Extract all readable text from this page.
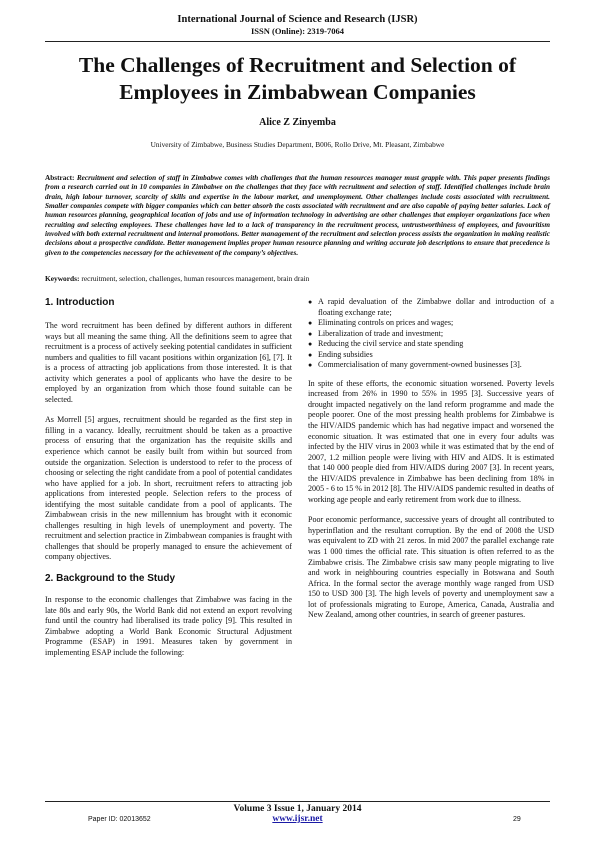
International Journal of Science and Research (IJSR)
ISSN (Online): 2319-7064
The Challenges of Recruitment and Selection of Employees in Zimbabwean Companies
Alice Z Zinyemba
University of Zimbabwe, Business Studies Department, B006, Rollo Drive, Mt. Pleasant, Zimbabwe
Abstract: Recruitment and selection of staff in Zimbabwe comes with challenges that the human resources manager must grapple with. This paper presents findings from a research carried out in 10 companies in Zimbabwe on the challenges that they face with recruitment and selection of staff. Identified challenges include brain drain, high labour turnover, scarcity of skills and expertise in the labour market, and unemployment. Other challenges include costs associated with recruitment. Smaller companies compete with bigger companies which can better absorb the costs associated with recruitment and are also capable of paying better salaries. Lack of human resources planning, geographical location of jobs and use of information technology in advertising are other challenges that employer organizations face when recruiting and selecting employees. These challenges have led to a lack of transparency in the recruitment process, untrustworthiness of employees, and favouritism involved with both external recruitment and internal promotions. Better management of the recruitment and selection process assists the organization in making realistic decisions about a prospective candidate. Better management implies proper human resource planning and writing accurate job descriptions to ensure that precedence is given to the competencies necessary for the achievement of the company’s objectives.
Keywords: recruitment, selection, challenges, human resources management, brain drain
1. Introduction

The word recruitment has been defined by different authors in different ways but all meaning the same thing. All the definitions seem to agree that recruitment is a process of actively seeking potential candidates in sufficient numbers and qualities to fill vacant positions within organization [6], [7]. It is a process of attracting job applications from those interested. It is that activity which generates a pool of applicants who have the desire to be employed by an organization from which those found suitable can be selected.

As Morrell [5] argues, recruitment should be regarded as the first step in filling in a vacancy. Ideally, recruitment should be taken as a proactive process of ensuring that the organization has the requisite skills and experience which cannot be easily built from within but sourced from outside the organization. Selection is understood to refer to the process of choosing or selecting the right candidate from a pool of potential candidates who have applied for a job. In short, recruitment refers to attracting job applications from interested people. Selection refers to the process of identifying the most suitable candidate from a pool of applicants. The Zimbabwean crisis in the new millennium has brought with it economic challenges resulting in high levels of unemployment and poverty. The recruitment and selection practice in Zimbabwean companies is fraught with challenges that should be properly managed to ensure the achievement of company objectives.

2. Background to the Study

In response to the economic challenges that Zimbabwe was facing in the late 80s and early 90s, the World Bank did not extend an export revolving fund until the country had liberalised its trade policy [9]. This resulted in Zimbabwe adopting a World Bank Economic Structural Adjustment Programme (ESAP) in 1991. Measures taken by government in implementing ESAP include the following:

● A rapid devaluation of the Zimbabwe dollar and introduction of a floating exchange rate;
● Eliminating controls on prices and wages;
● Liberalization of trade and investment;
● Reducing the civil service and state spending
● Ending subsidies
● Commercialisation of many government-owned businesses [3].

In spite of these efforts, the economic situation worsened. Poverty levels increased from 26% in 1990 to 55% in 1995 [3]. Successive years of drought impacted negatively on the land reform programme and made the people poorer. One of the most pressing health problems for Zimbabwe is the HIV/AIDS pandemic which has had negative impact and worsened the economic situation. It was estimated that one in every four adults was infected by the HIV virus in 2003 while it was estimated that by the end of 2007, 1.2 million people were living with HIV and AIDS. It is estimated that 140 000 people died from HIV/AIDS during 2007 [3]. In recent years, the HIV/AIDS prevalence in Zimbabwe has been declining from 18% in 2005 - 6 to 15 % in 2012 [8]. The HIV/AIDS pandemic resulted in deaths of working age people and early retirement from work due to illness.

Poor economic performance, successive years of drought all contributed to hyperinflation and the resultant corruption. By the end of 2008 the USD was equivalent to ZD with 21 zeros. In mid 2007 the parallel exchange rate was 1 000 times the official rate. This situation is often referred to as the Zimbabwe crisis. The Zimbabwe crisis saw many people migrating to live and work in neighbouring countries especially in Botswana and South Africa. In the formal sector the average monthly wage ranged from USD 150 to USD 300 [3]. The high levels of poverty and unemployment saw a lot of professionals migrating to Europe, America, Canada, Australia and New Zealand, among other countries, in search of greener pastures.

Volume 3 Issue 1, January 2014
Paper ID: 02013652	www.ijsr.net	29
